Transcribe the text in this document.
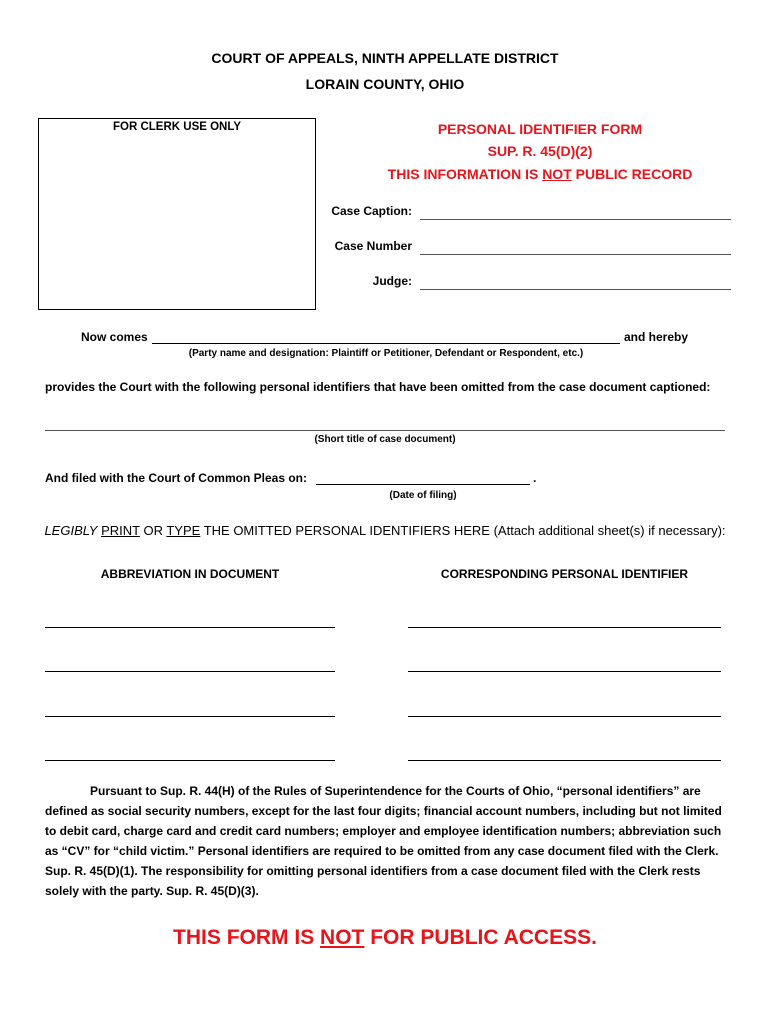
COURT OF APPEALS, NINTH APPELLATE DISTRICT
LORAIN COUNTY, OHIO
FOR CLERK USE ONLY	PERSONAL IDENTIFIER FORM
SUP. R. 45(D)(2)
THIS INFORMATION IS NOT PUBLIC RECORD
Case Caption:
Case Number
Judge:
Now comes	and hereby
(Party name and designation: Plaintiff or Petitioner, Defendant or Respondent, etc.)
provides the Court with the following personal identifiers that have been omitted from the case document captioned:
(Short title of case document)
And filed with the Court of Common Pleas on:	.
(Date of filing)
LEGIBLY PRINT OR TYPE THE OMITTED PERSONAL IDENTIFIERS HERE (Attach additional sheet(s) if necessary):
ABBREVIATION IN DOCUMENT	CORRESPONDING PERSONAL IDENTIFIER
Pursuant to Sup. R. 44(H) of the Rules of Superintendence for the Courts of Ohio, “personal identifiers” are defined as social security numbers, except for the last four digits; financial account numbers, including but not limited to debit card, charge card and credit card numbers; employer and employee identification numbers; abbreviation such as “CV” for “child victim.” Personal identifiers are required to be omitted from any case document filed with the Clerk. Sup. R. 45(D)(1). The responsibility for omitting personal identifiers from a case document filed with the Clerk rests solely with the party. Sup. R. 45(D)(3).
THIS FORM IS NOT FOR PUBLIC ACCESS.
